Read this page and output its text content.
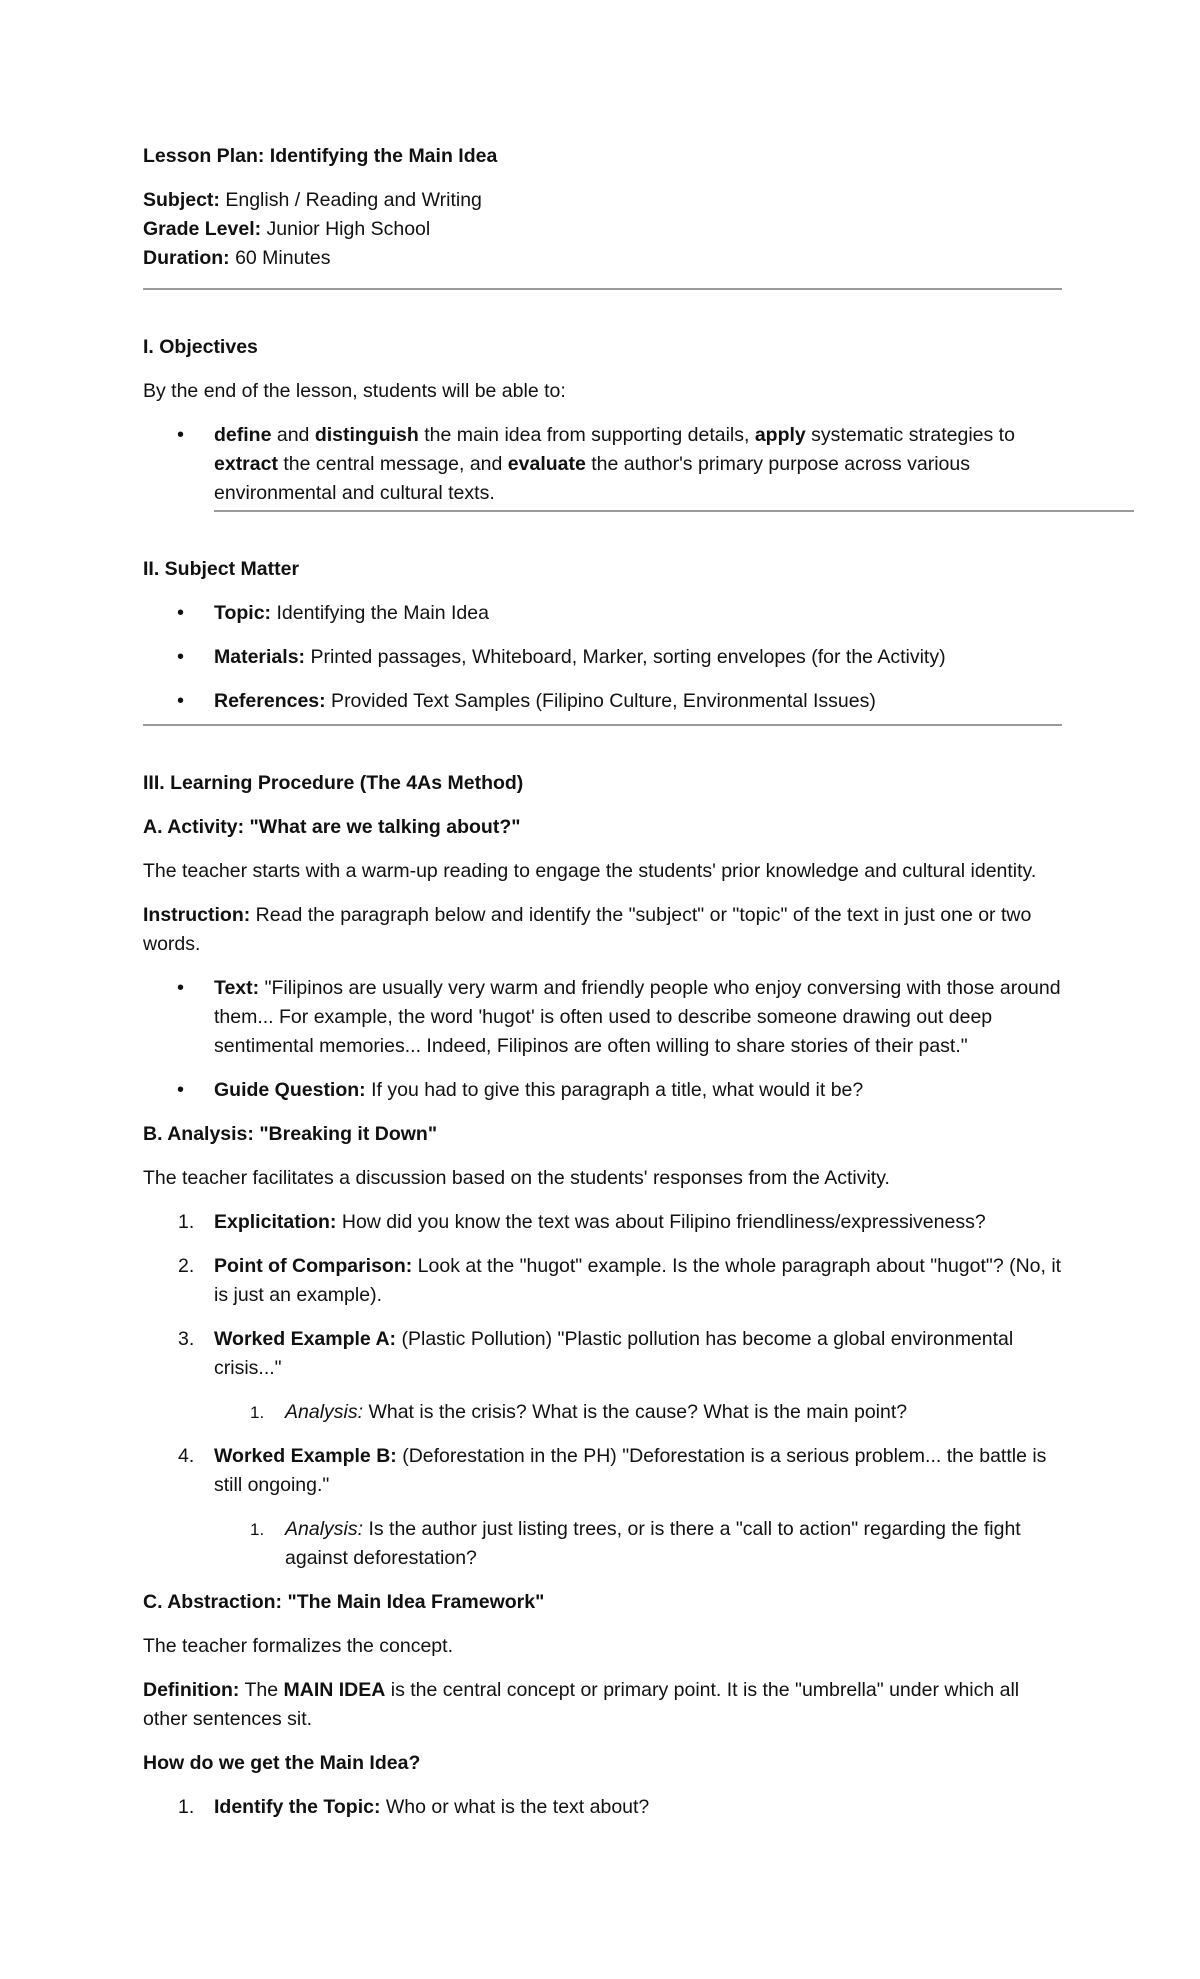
Lesson Plan: Identifying the Main Idea

Subject: English / Reading and Writing

Grade Level: Junior High School

Duration: 60 Minutes

I. Objectives

By the end of the lesson, students will be able to:

• define and distinguish the main idea from supporting details, apply systematic strategies to extract the central message, and evaluate the author's primary purpose across various environmental and cultural texts.
II. Subject Matter
• Topic: Identifying the Main Idea
• Materials: Printed passages, Whiteboard, Marker, sorting envelopes (for the Activity)
• References: Provided Text Samples (Filipino Culture, Environmental Issues)
III. Learning Procedure (The 4As Method)
A. Activity: "What are we talking about?"

The teacher starts with a warm-up reading to engage the students' prior knowledge and cultural identity.

Instruction: Read the paragraph below and identify the "subject" or "topic" of the text in just one or two words.

• Text: "Filipinos are usually very warm and friendly people who enjoy conversing with those around them... For example, the word 'hugot' is often used to describe someone drawing out deep sentimental memories... Indeed, Filipinos are often willing to share stories of their past."
• Guide Question: If you had to give this paragraph a title, what would it be?
B. Analysis: "Breaking it Down"

The teacher facilitates a discussion based on the students' responses from the Activity.

1. Explicitation: How did you know the text was about Filipino friendliness/expressiveness?
2. Point of Comparison: Look at the "hugot" example. Is the whole paragraph about "hugot"? (No, it is just an example).
3. Worked Example A: (Plastic Pollution) "Plastic pollution has become a global environmental crisis..."
1. Analysis: What is the crisis? What is the cause? What is the main point?
4. Worked Example B: (Deforestation in the PH) "Deforestation is a serious problem... the battle is still ongoing."
1. Analysis: Is the author just listing trees, or is there a "call to action" regarding the fight against deforestation?
C. Abstraction: "The Main Idea Framework"

The teacher formalizes the concept.

Definition: The MAIN IDEA is the central concept or primary point. It is the "umbrella" under which all other sentences sit.

How do we get the Main Idea?

1. Identify the Topic: Who or what is the text about?
